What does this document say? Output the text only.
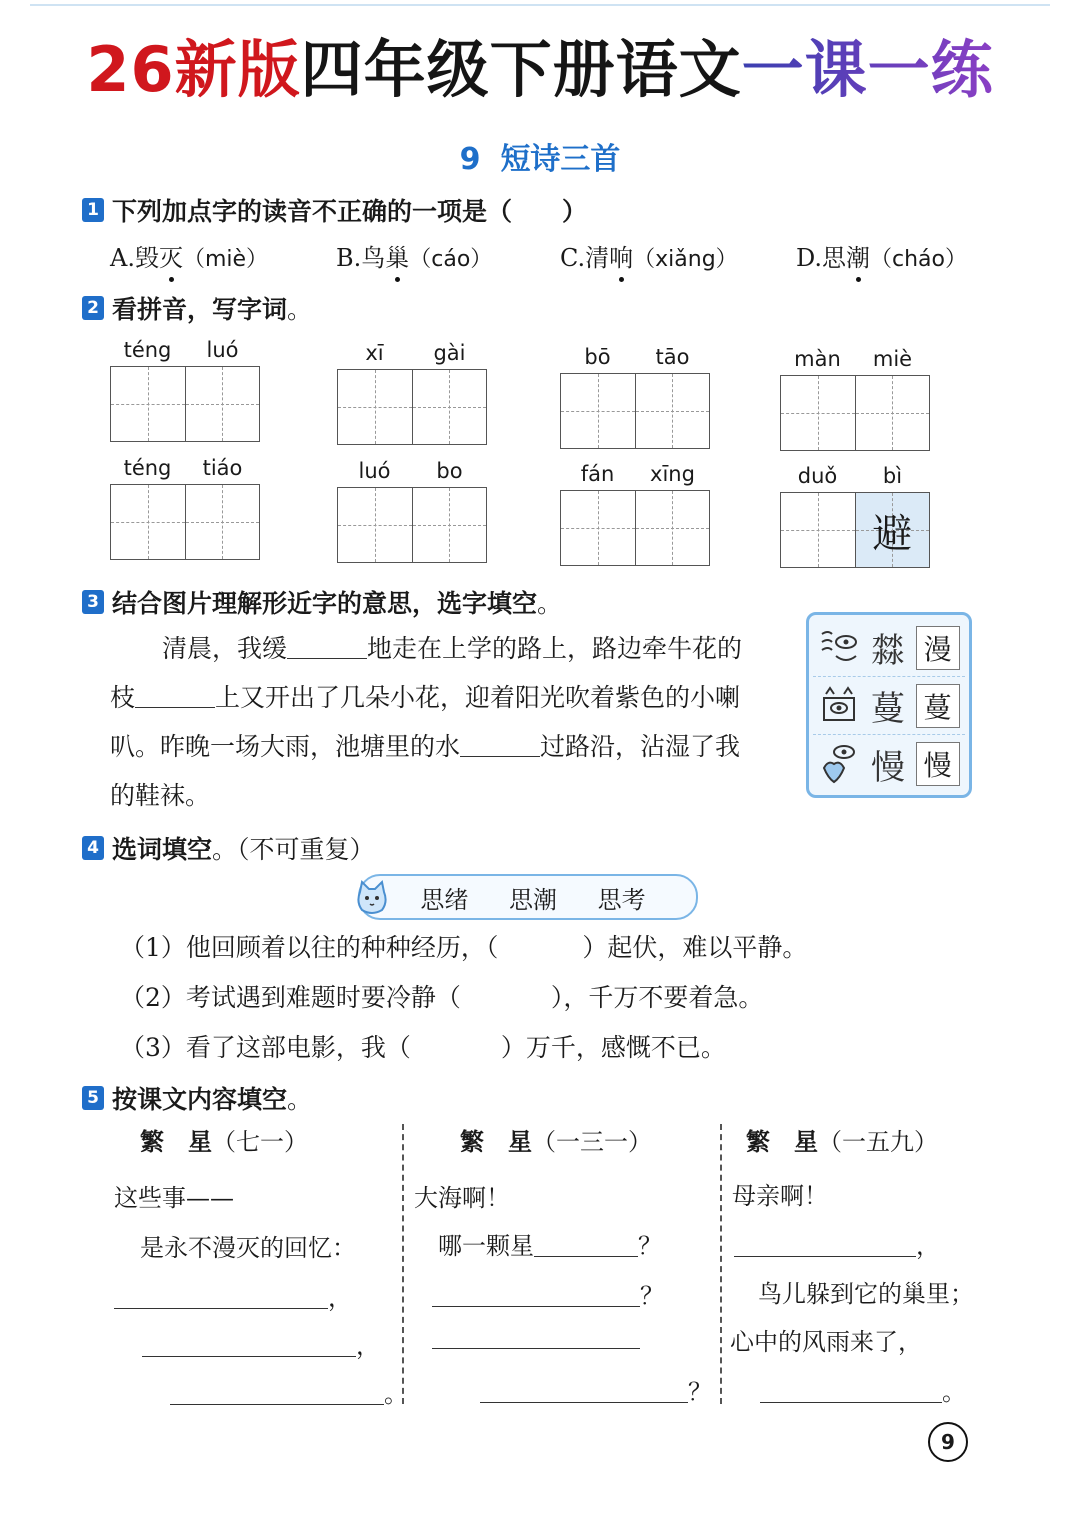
26新版四年级下册语文一课一练
9 短诗三首
1 下列加点字的读音不正确的一项是（　　）
A.毁灭（miè）	B.鸟巢（cáo）	C.清响（xiǎng） D.思潮（cháo）
2 看拼音，写字词 。
téng	luó	xī	gài	bō	tāo	màn	miè
téng	tiáo	luó	bo	fán	xīng	duǒ	bì
避
3 结合图片理解形近字的意思，选字填空 。
清晨，我缓	地走在上学的路上，路边牵牛花的
枝	上又开出了几朵小花，迎着阳光吹着紫色的小喇
叭。昨晚一场大雨，池塘里的水	过路沿，沾湿了我
的鞋袜。
㵘 漫
蔓 蔓
慢 慢
4 选词填空 。（不可重复）
思绪 思潮 思考
（1）他回顾着以往的种种经历，（	）起伏，难以平静。
（2）考试遇到难题时要冷静（	），千万不要着急。
（3）看了这部电影，我（	）万千，感慨不已。
5 按课文内容填空 。
繁　星（七一）
这些事——
是永不漫灭的回忆：
，
，
。
繁　星（一三一）
大海啊！
哪一颗星	？
？
？
繁　星（一五九）
母亲啊！
，
鸟儿躲到它的巢里；
心中的风雨来了，
。
9
